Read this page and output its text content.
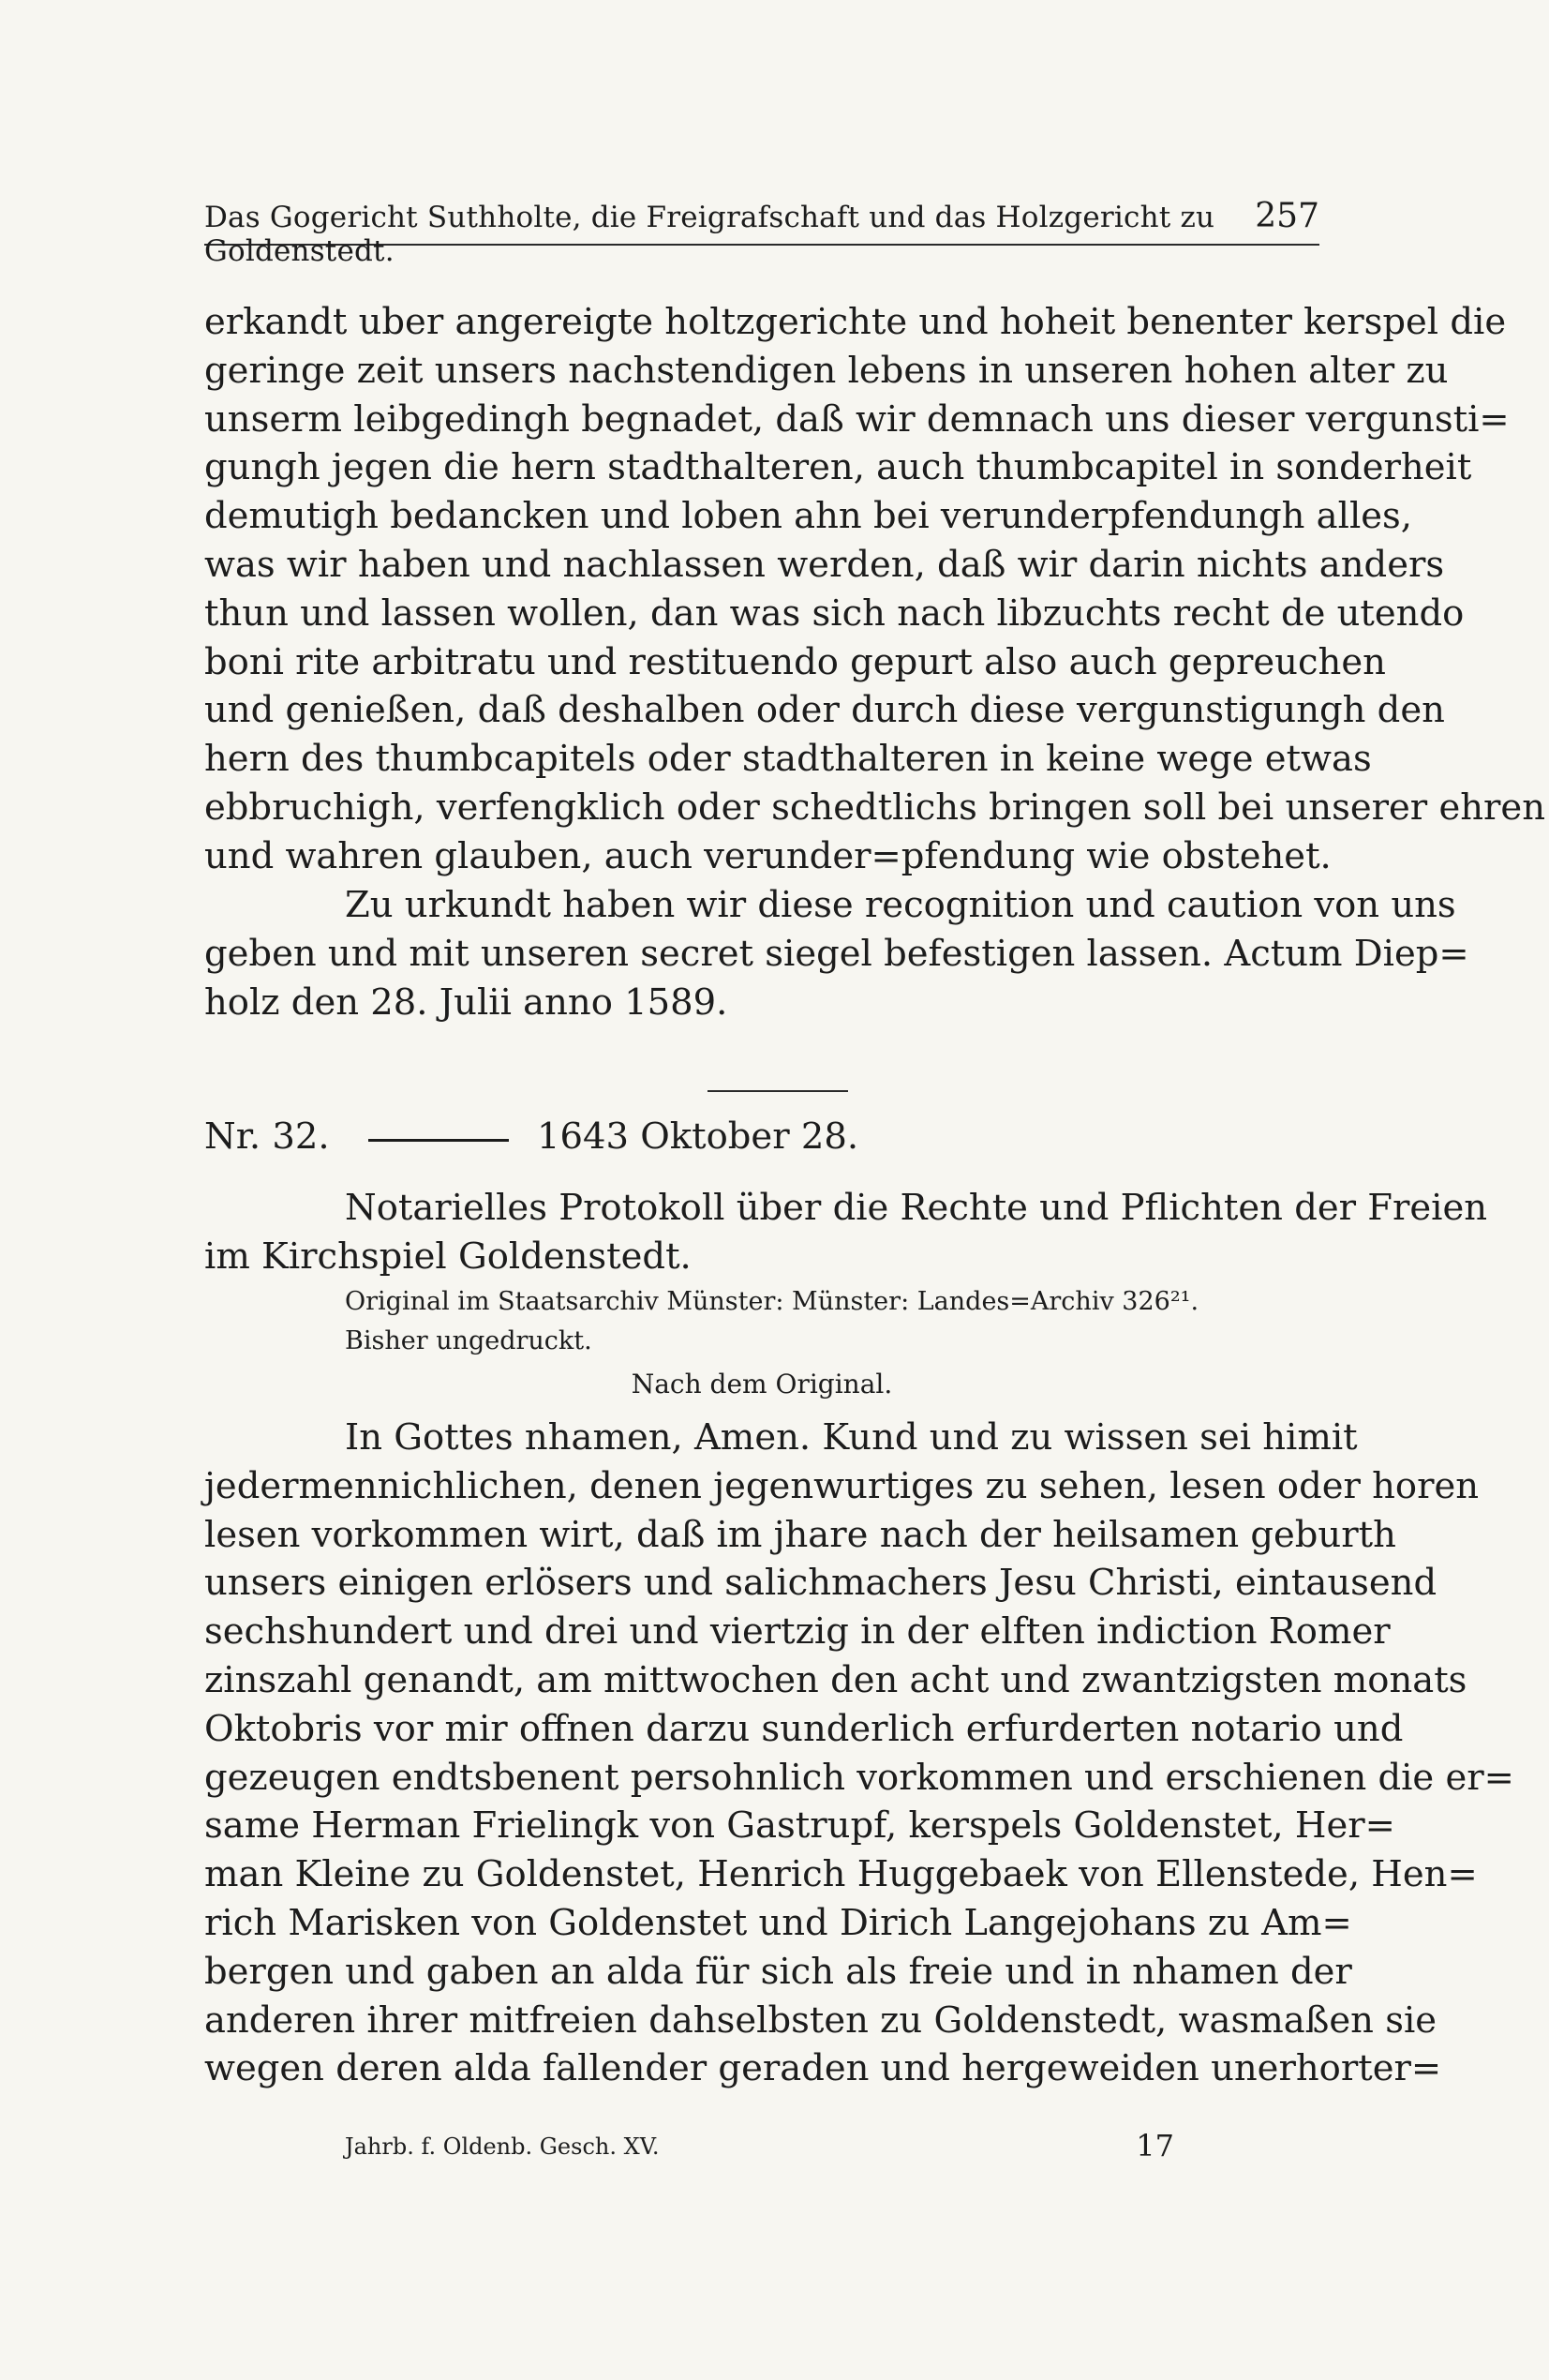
Das Gogericht Suthholte, die Freigrafschaft und das Holzgericht zu Goldenstedt.
257
erkandt uber angereigte holtzgerichte und hoheit benenter kerspel die
geringe zeit unsers nachstendigen lebens in unseren hohen alter zu
unserm leibgedingh begnadet, daß wir demnach uns dieser vergunsti=
gungh jegen die hern stadthalteren, auch thumbcapitel in sonderheit
demutigh bedancken und loben ahn bei verunderpfendungh alles,
was wir haben und nachlassen werden, daß wir darin nichts anders
thun und lassen wollen, dan was sich nach libzuchts recht de utendo
boni rite arbitratu und restituendo gepurt also auch gepreuchen
und genießen, daß deshalben oder durch diese vergunstigungh den
hern des thumbcapitels oder stadthalteren in keine wege etwas
ebbruchigh, verfengklich oder schedtlichs bringen soll bei unserer ehren
und wahren glauben, auch verunder=pfendung wie obstehet.
Zu urkundt haben wir diese recognition und caution von uns
geben und mit unseren secret siegel befestigen lassen. Actum Diep=
holz den 28. Julii anno 1589.
Nr. 32.	1643 Oktober 28.
Notarielles Protokoll über die Rechte und Pflichten der Freien
im Kirchspiel Goldenstedt.
Original im Staatsarchiv Münster: Münster: Landes=Archiv 326²¹.
Bisher ungedruckt.
Nach dem Original.
In Gottes nhamen, Amen. Kund und zu wissen sei himit
jedermennichlichen, denen jegenwurtiges zu sehen, lesen oder horen
lesen vorkommen wirt, daß im jhare nach der heilsamen geburth
unsers einigen erlösers und salichmachers Jesu Christi, eintausend
sechshundert und drei und viertzig in der elften indiction Romer
zinszahl genandt, am mittwochen den acht und zwantzigsten monats
Oktobris vor mir offnen darzu sunderlich erfurderten notario und
gezeugen endtsbenent persohnlich vorkommen und erschienen die er=
same Herman Frielingk von Gastrupf, kerspels Goldenstet, Her=
man Kleine zu Goldenstet, Henrich Huggebaek von Ellenstede, Hen=
rich Marisken von Goldenstet und Dirich Langejohans zu Am=
bergen und gaben an alda für sich als freie und in nhamen der
anderen ihrer mitfreien dahselbsten zu Goldenstedt, wasmaßen sie
wegen deren alda fallender geraden und hergeweiden unerhorter=
Jahrb. f. Oldenb. Gesch. XV.	17
